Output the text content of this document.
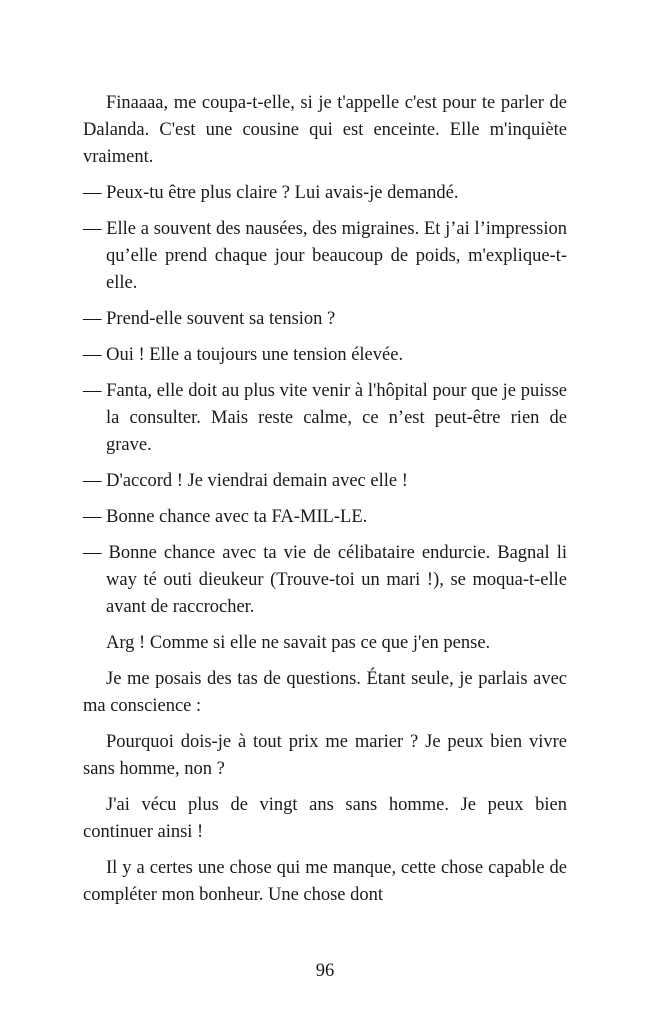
Finaaaa, me coupa-t-elle, si je t'appelle c'est pour te parler de Dalanda. C'est une cousine qui est enceinte. Elle m'inquiète vraiment.

— Peux-tu être plus claire ? Lui avais-je demandé.

— Elle a souvent des nausées, des migraines. Et j’ai l’impression qu’elle prend chaque jour beaucoup de poids, m'explique-t-elle.

— Prend-elle souvent sa tension ?

— Oui ! Elle a toujours une tension élevée.

— Fanta, elle doit au plus vite venir à l'hôpital pour que je puisse la consulter. Mais reste calme, ce n’est peut-être rien de grave.

— D'accord ! Je viendrai demain avec elle !

— Bonne chance avec ta FA-MIL-LE.

— Bonne chance avec ta vie de célibataire endurcie. Bagnal li way té outi dieukeur (Trouve-toi un mari !), se moqua-t-elle avant de raccrocher.

Arg ! Comme si elle ne savait pas ce que j'en pense.

Je me posais des tas de questions. Étant seule, je parlais avec ma conscience :

Pourquoi dois-je à tout prix me marier ? Je peux bien vivre sans homme, non ?

J'ai vécu plus de vingt ans sans homme. Je peux bien continuer ainsi !

Il y a certes une chose qui me manque, cette chose capable de compléter mon bonheur. Une chose dont

96
